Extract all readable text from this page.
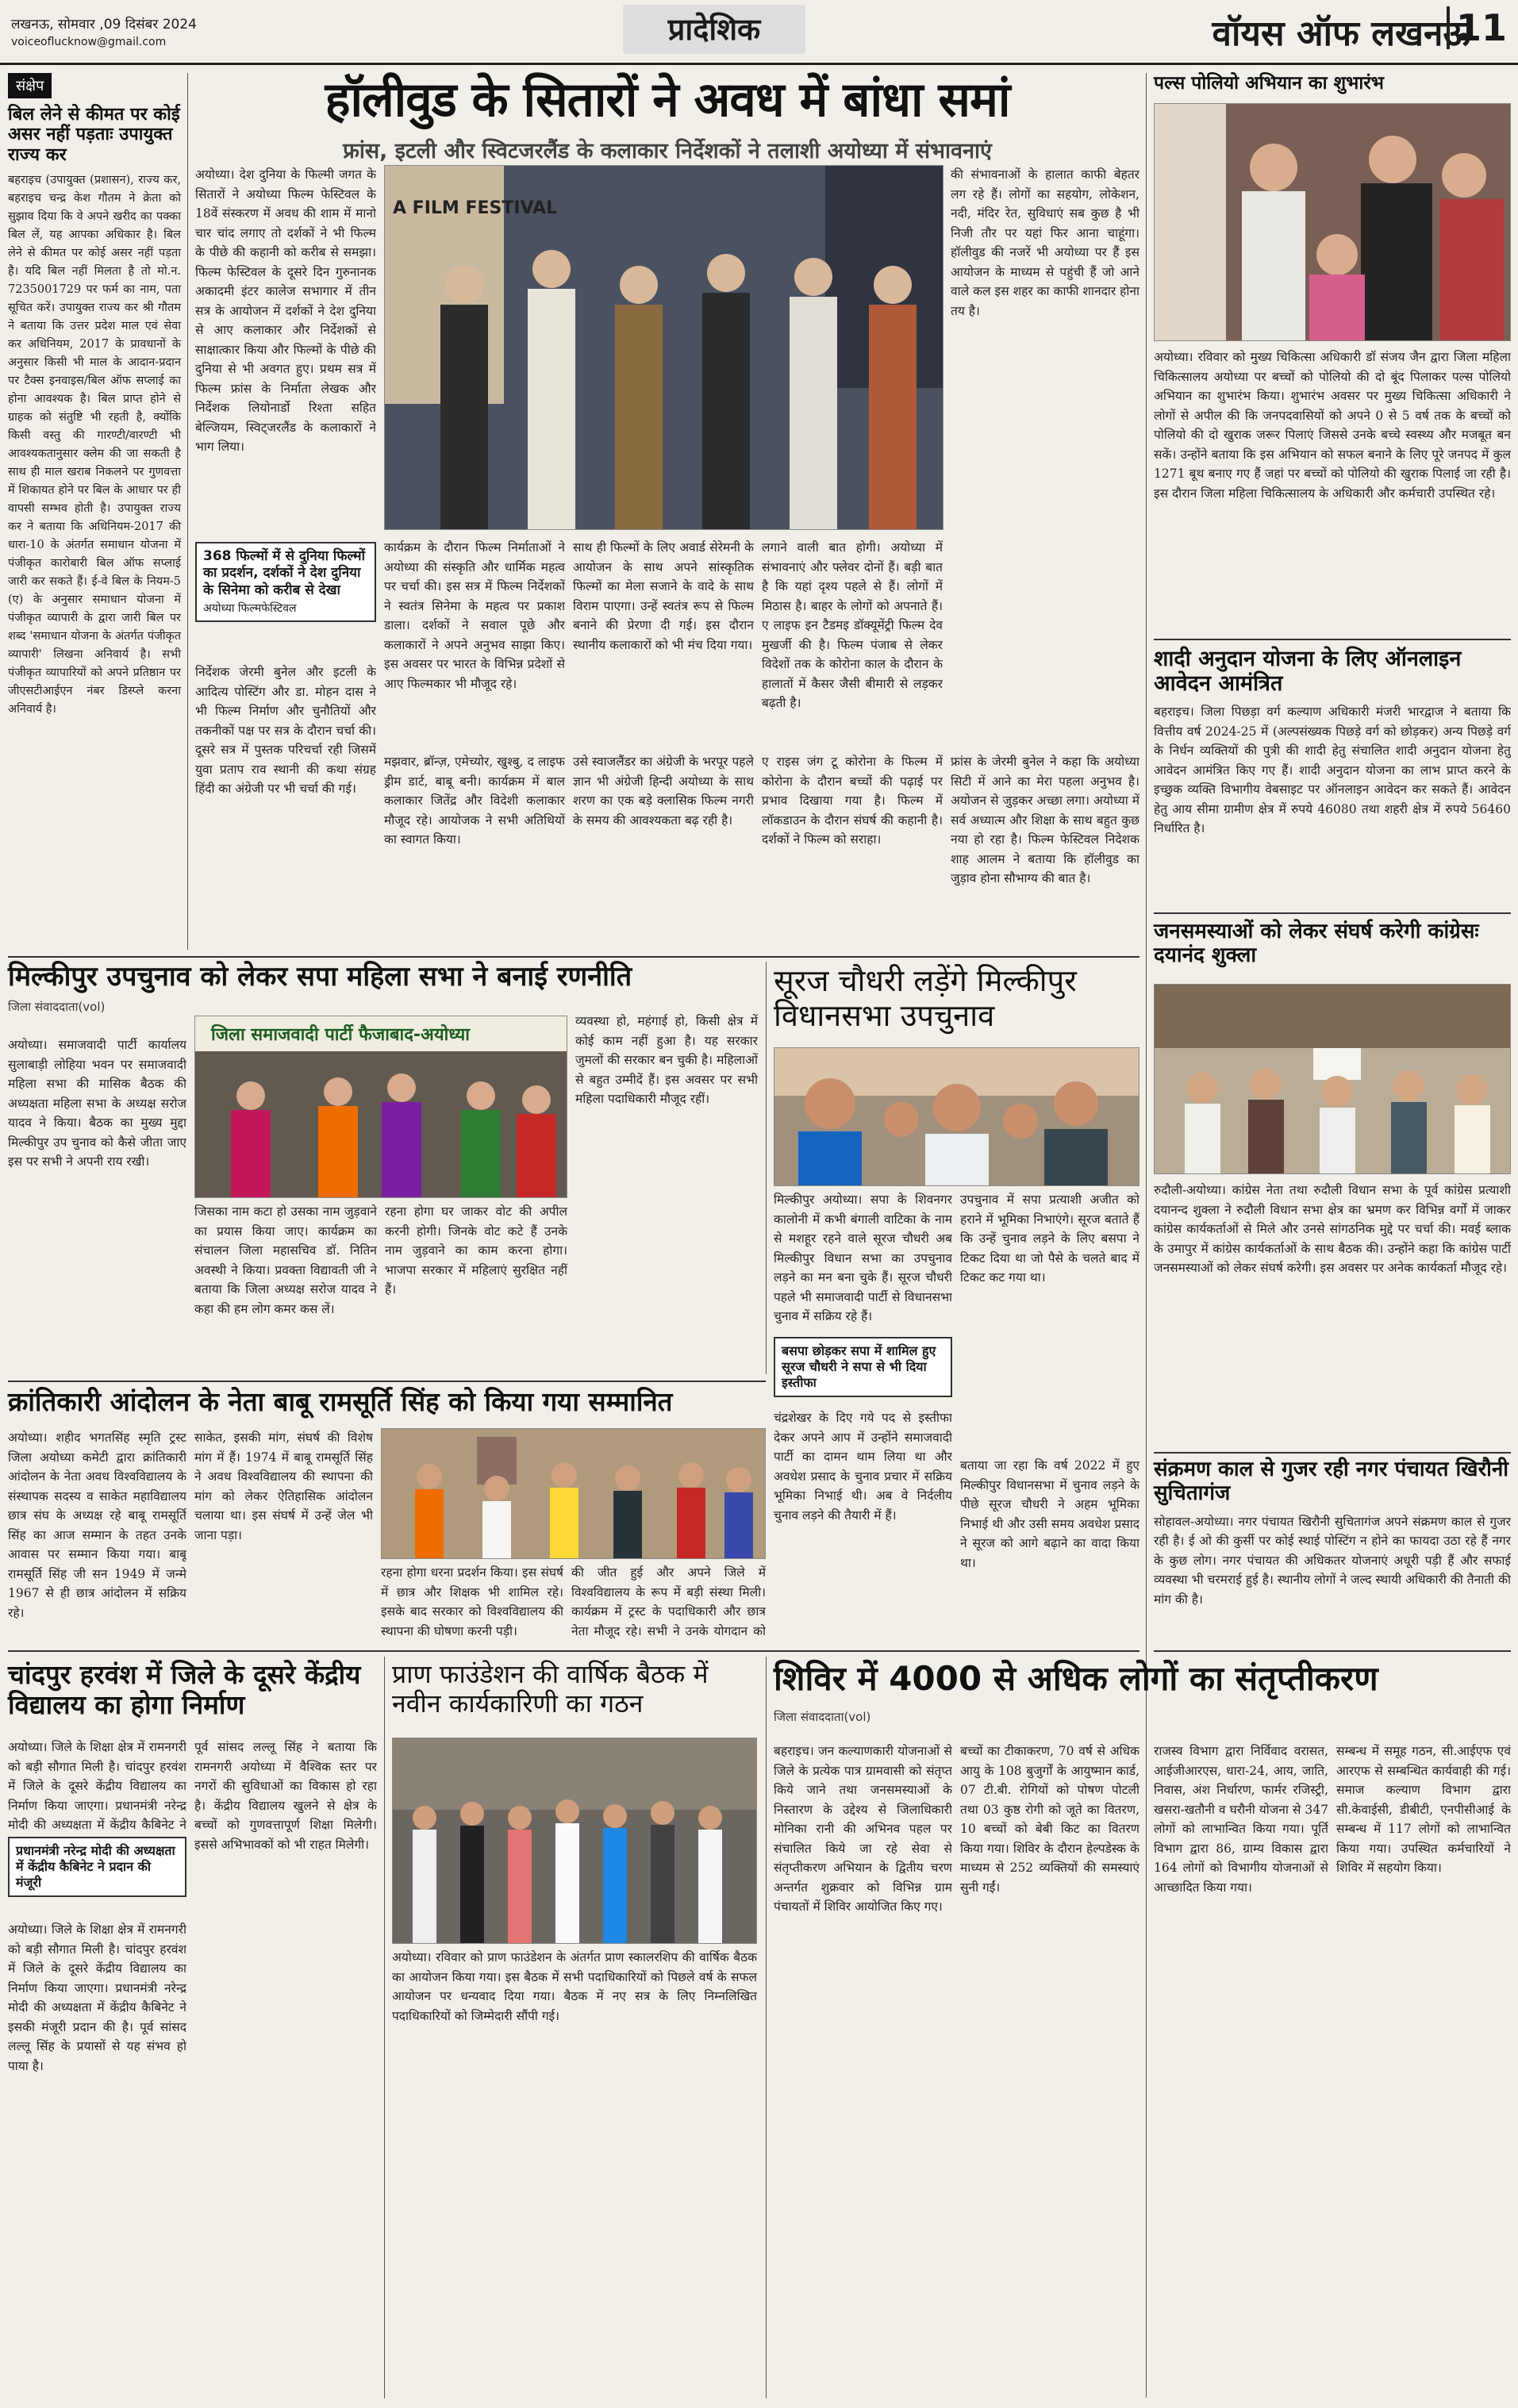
लखनऊ, सोमवार ,09 दिसंबर 2024
voiceoflucknow@gmail.com	प्रादेशिक	वॉयस ऑफ लखनऊ
11
संक्षेप
बिल लेने से कीमत पर कोई असर नहीं पड़ताः उपायुक्त राज्य कर
बहराइच (उपायुक्त (प्रशासन), राज्य कर, बहराइच चन्द्र केश गौतम ने क्रेता को सुझाव दिया कि वे अपने खरीद का पक्का बिल लें, यह आपका अधिकार है। बिल लेने से कीमत पर कोई असर नहीं पड़ता है। यदि बिल नहीं मिलता है तो मो.न. 7235001729 पर फर्म का नाम, पता सूचित करें। उपायुक्त राज्य कर श्री गौतम ने बताया कि उत्तर प्रदेश माल एवं सेवा कर अधिनियम, 2017 के प्रावधानों के अनुसार किसी भी माल के आदान-प्रदान पर टैक्स इनवाइस/बिल ऑफ सप्लाई का होना आवश्यक है। बिल प्राप्त होने से ग्राहक को संतुष्टि भी रहती है, क्योंकि किसी वस्तु की गारण्टी/वारण्टी भी आवश्यकतानुसार क्लेम की जा सकती है साथ ही माल खराब निकलने पर गुणवत्ता में शिकायत होने पर बिल के आधार पर ही वापसी सम्भव होती है। उपायुक्त राज्य कर ने बताया कि अधिनियम-2017 की धारा-10 के अंतर्गत समाधान योजना में पंजीकृत कारोबारी बिल ऑफ सप्लाई जारी कर सकते हैं। ई-वे बिल के नियम-5 (ए) के अनुसार समाधान योजना में पंजीकृत व्यापारी के द्वारा जारी बिल पर शब्द 'समाधान योजना के अंतर्गत पंजीकृत व्यापारी' लिखना अनिवार्य है। सभी पंजीकृत व्यापारियों को अपने प्रतिष्ठान पर जीएसटीआईएन नंबर डिस्प्ले करना अनिवार्य है।
हॉलीवुड के सितारों ने अवध में बांधा समां
फ्रांस, इटली और स्विटजरलैंड के कलाकार निर्देशकों ने तलाशी अयोध्या में संभावनाएं
अयोध्या। देश दुनिया के फिल्मी जगत के सितारों ने अयोध्या फिल्म फेस्टिवल के 18वें संस्करण में अवध की शाम में मानो चार चांद लगाए तो दर्शकों ने भी फिल्म के पीछे की कहानी को करीब से समझा। फिल्म फेस्टिवल के दूसरे दिन गुरुनानक अकादमी इंटर कालेज सभागार में तीन सत्र के आयोजन में दर्शकों ने देश दुनिया से आए कलाकार और निर्देशकों से साक्षात्कार किया और फिल्मों के पीछे की दुनिया से भी अवगत हुए। प्रथम सत्र में फिल्म फ्रांस के निर्माता लेखक और निर्देशक लियोनार्डो रिश्ता सहित बेल्जियम, स्विट्जरलैंड के कलाकारों ने भाग लिया।
A FILM FESTIVAL
कार्यक्रम के दौरान फिल्म निर्माताओं ने अयोध्या की संस्कृति और धार्मिक महत्व पर चर्चा की। इस सत्र में फिल्म निर्देशकों ने स्वतंत्र सिनेमा के महत्व पर प्रकाश डाला। दर्शकों ने सवाल पूछे और कलाकारों ने अपने अनुभव साझा किए। इस अवसर पर भारत के विभिन्न प्रदेशों से आए फिल्मकार भी मौजूद रहे।
साथ ही फिल्मों के लिए अवार्ड सेरेमनी के आयोजन के साथ अपने सांस्कृतिक फिल्मों का मेला सजाने के वादे के साथ विराम पाएगा। उन्हें स्वतंत्र रूप से फिल्म बनाने की प्रेरणा दी गई। इस दौरान स्थानीय कलाकारों को भी मंच दिया गया।
लगाने वाली बात होगी। अयोध्या में संभावनाएं और फ्लेवर दोनों हैं। बड़ी बात है कि यहां दृश्य पहले से हैं। लोगों में मिठास है। बाहर के लोगों को अपनाते हैं। ए लाइफ इन टैडमइ डॉक्यूमेंट्री फिल्म देव मुखर्जी की है। फिल्म पंजाब से लेकर विदेशों तक के कोरोना काल के दौरान के हालातों में कैसर जैसी बीमारी से लड़कर बढ़ती है।
की संभावनाओं के हालात काफी बेहतर लग रहे हैं। लोगों का सहयोग, लोकेशन, नदी, मंदिर रेत, सुविधाएं सब कुछ है भी निजी तौर पर यहां फिर आना चाहूंगा। हॉलीवुड की नजरें भी अयोध्या पर हैं इस आयोजन के माध्यम से पहुंची हैं जो आने वाले कल इस शहर का काफी शानदार होना तय है।
368 फिल्मों में से दुनिया फिल्मों का प्रदर्शन, दर्शकों ने देश दुनिया के सिनेमा को करीब से देखा
अयोध्या फिल्मफेस्टिवल
निर्देशक जेरमी बुनेल और इटली के आदित्य पोस्टिंग और डा. मोहन दास ने भी फिल्म निर्माण और चुनौतियों और तकनीकों पक्ष पर सत्र के दौरान चर्चा की। दूसरे सत्र में पुस्तक परिचर्चा रही जिसमें युवा प्रताप राव स्थानी की कथा संग्रह हिंदी का अंग्रेजी पर भी चर्चा की गई।
मझवार, ब्रॉन्ज़, एमेच्योर, खुश्बु, द लाइफ ड्रीम डार्ट, बाबू बनी। कार्यक्रम में बाल कलाकार जितेंद्र और विदेशी कलाकार मौजूद रहे। आयोजक ने सभी अतिथियों का स्वागत किया।
उसे स्वाजलैंडर का अंग्रेजी के भरपूर पहले ज्ञान भी अंग्रेजी हिन्दी अयोध्या के साथ शरण का एक बड़े क्लासिक फिल्म नगरी के समय की आवश्यकता बढ़ रही है।
ए राइस जंग टू कोरोना के फिल्म में कोरोना के दौरान बच्चों की पढ़ाई पर प्रभाव दिखाया गया है। फिल्म में लॉकडाउन के दौरान संघर्ष की कहानी है। दर्शकों ने फिल्म को सराहा।
फ्रांस के जेरमी बुनेल ने कहा कि अयोध्या सिटी में आने का मेरा पहला अनुभव है। अयोजन से जुड़कर अच्छा लगा। अयोध्या में सर्व अध्यात्म और शिक्षा के साथ बहुत कुछ नया हो रहा है। फिल्म फेस्टिवल निदेशक शाह आलम ने बताया कि हॉलीवुड का जुड़ाव होना सौभाग्य की बात है।
पल्स पोलियो अभियान का शुभारंभ
अयोध्या। रविवार को मुख्य चिकित्सा अधिकारी डॉ संजय जैन द्वारा जिला महिला चिकित्सालय अयोध्या पर बच्चों को पोलियो की दो बूंद पिलाकर पल्स पोलियो अभियान का शुभारंभ किया। शुभारंभ अवसर पर मुख्य चिकित्सा अधिकारी ने लोगों से अपील की कि जनपदवासियों को अपने 0 से 5 वर्ष तक के बच्चों को पोलियो की दो खुराक जरूर पिलाएं जिससे उनके बच्चे स्वस्थ्य और मजबूत बन सकें। उन्होंने बताया कि इस अभियान को सफल बनाने के लिए पूरे जनपद में कुल 1271 बूथ बनाए गए हैं जहां पर बच्चों को पोलियो की खुराक पिलाई जा रही है। इस दौरान जिला महिला चिकित्सालय के अधिकारी और कर्मचारी उपस्थित रहे।
शादी अनुदान योजना के लिए ऑनलाइन आवेदन आमंत्रित
बहराइच। जिला पिछड़ा वर्ग कल्याण अधिकारी मंजरी भारद्वाज ने बताया कि वित्तीय वर्ष 2024-25 में (अल्पसंख्यक पिछड़े वर्ग को छोड़कर) अन्य पिछड़े वर्ग के निर्धन व्यक्तियों की पुत्री की शादी हेतु संचालित शादी अनुदान योजना हेतु आवेदन आमंत्रित किए गए हैं। शादी अनुदान योजना का लाभ प्राप्त करने के इच्छुक व्यक्ति विभागीय वेबसाइट पर ऑनलाइन आवेदन कर सकते हैं। आवेदन हेतु आय सीमा ग्रामीण क्षेत्र में रुपये 46080 तथा शहरी क्षेत्र में रुपये 56460 निर्धारित है।
मिल्कीपुर उपचुनाव को लेकर सपा महिला सभा ने बनाई रणनीति
जिला संवाददाता(vol)
अयोध्या। समाजवादी पार्टी कार्यालय सुलाबाड़ी लोहिया भवन पर समाजवादी महिला सभा की मासिक बैठक की अध्यक्षता महिला सभा के अध्यक्ष सरोज यादव ने किया। बैठक का मुख्य मुद्दा मिल्कीपुर उप चुनाव को कैसे जीता जाए इस पर सभी ने अपनी राय रखी।
जिला समाजवादी पार्टी फैजाबाद-अयोध्या
जिसका नाम कटा हो उसका नाम जुड़वाने का प्रयास किया जाए। कार्यक्रम का संचालन जिला महासचिव डॉ. नितिन अवस्थी ने किया। प्रवक्ता विद्यावती जी ने बताया कि जिला अध्यक्ष सरोज यादव ने कहा की हम लोग कमर कस लें।
रहना होगा घर जाकर वोट की अपील करनी होगी। जिनके वोट कटे हैं उनके नाम जुड़वाने का काम करना होगा। भाजपा सरकार में महिलाएं सुरक्षित नहीं हैं।
व्यवस्था हो, महंगाई हो, किसी क्षेत्र में कोई काम नहीं हुआ है। यह सरकार जुमलों की सरकार बन चुकी है। महिलाओं से बहुत उम्मीदें हैं। इस अवसर पर सभी महिला पदाधिकारी मौजूद रहीं।
सूरज चौधरी लड़ेंगे मिल्कीपुर विधानसभा उपचुनाव
मिल्कीपुर अयोध्या। सपा के शिवनगर कालोनी में कभी बंगाली वाटिका के नाम से मशहूर रहने वाले सूरज चौधरी अब मिल्कीपुर विधान सभा का उपचुनाव लड़ने का मन बना चुके हैं। सूरज चौधरी पहले भी समाजवादी पार्टी से विधानसभा चुनाव में सक्रिय रहे हैं।
बसपा छोड़कर सपा में शामिल हुए सूरज चौधरी ने सपा से भी दिया इस्तीफा
चंद्रशेखर के दिए गये पद से इस्तीफा देकर अपने आप में उन्होंने समाजवादी पार्टी का दामन थाम लिया था और अवधेश प्रसाद के चुनाव प्रचार में सक्रिय भूमिका निभाई थी। अब वे निर्दलीय चुनाव लड़ने की तैयारी में हैं।
उपचुनाव में सपा प्रत्याशी अजीत को हराने में भूमिका निभाएंगे। सूरज बताते हैं कि उन्हें चुनाव लड़ने के लिए बसपा ने टिकट दिया था जो पैसे के चलते बाद में टिकट कट गया था।
बताया जा रहा कि वर्ष 2022 में हुए मिल्कीपुर विधानसभा में चुनाव लड़ने के पीछे सूरज चौधरी ने अहम भूमिका निभाई थी और उसी समय अवधेश प्रसाद ने सूरज को आगे बढ़ाने का वादा किया था।
जनसमस्याओं को लेकर संघर्ष करेगी कांग्रेसः दयानंद शुक्ला
रुदौली-अयोध्या। कांग्रेस नेता तथा रुदौली विधान सभा के पूर्व कांग्रेस प्रत्याशी दयानन्द शुक्ला ने रुदौली विधान सभा क्षेत्र का भ्रमण कर विभिन्न वर्गों में जाकर कांग्रेस कार्यकर्ताओं से मिले और उनसे सांगठनिक मुद्दे पर चर्चा की। मवई ब्लाक के उमापुर में कांग्रेस कार्यकर्ताओं के साथ बैठक की। उन्होंने कहा कि कांग्रेस पार्टी जनसमस्याओं को लेकर संघर्ष करेगी। इस अवसर पर अनेक कार्यकर्ता मौजूद रहे।
संक्रमण काल से गुजर रही नगर पंचायत खिरौनी सुचितागंज
सोहावल-अयोध्या। नगर पंचायत खिरौनी सुचितागंज अपने संक्रमण काल से गुजर रही है। ई ओ की कुर्सी पर कोई स्थाई पोस्टिंग न होने का फायदा उठा रहे हैं नगर के कुछ लोग। नगर पंचायत की अधिकतर योजनाएं अधूरी पड़ी हैं और सफाई व्यवस्था भी चरमराई हुई है। स्थानीय लोगों ने जल्द स्थायी अधिकारी की तैनाती की मांग की है।
क्रांतिकारी आंदोलन के नेता बाबू रामसूर्ति सिंह को किया गया सम्मानित
अयोध्या। शहीद भगतसिंह स्मृति ट्रस्ट जिला अयोध्या कमेटी द्वारा क्रांतिकारी आंदोलन के नेता अवध विश्वविद्यालय के संस्थापक सदस्य व साकेत महाविद्यालय छात्र संघ के अध्यक्ष रहे बाबू रामसूर्ति सिंह का आज सम्मान के तहत उनके आवास पर सम्मान किया गया। बाबू रामसूर्ति सिंह जी सन 1949 में जन्मे 1967 से ही छात्र आंदोलन में सक्रिय रहे।
साकेत, इसकी मांग, संघर्ष की विशेष मांग में हैं। 1974 में बाबू रामसूर्ति सिंह ने अवध विश्वविद्यालय की स्थापना की मांग को लेकर ऐतिहासिक आंदोलन चलाया था। इस संघर्ष में उन्हें जेल भी जाना पड़ा।
रहना होगा धरना प्रदर्शन किया। इस संघर्ष में छात्र और शिक्षक भी शामिल रहे। इसके बाद सरकार को विश्वविद्यालय की स्थापना की घोषणा करनी पड़ी।
की जीत हुई और अपने जिले में विश्वविद्यालय के रूप में बड़ी संस्था मिली। कार्यक्रम में ट्रस्ट के पदाधिकारी और छात्र नेता मौजूद रहे। सभी ने उनके योगदान को
चांदपुर हरवंश में जिले के दूसरे केंद्रीय विद्यालय का होगा निर्माण
अयोध्या। जिले के शिक्षा क्षेत्र में रामनगरी को बड़ी सौगात मिली है। चांदपुर हरवंश में जिले के दूसरे केंद्रीय विद्यालय का निर्माण किया जाएगा। प्रधानमंत्री नरेन्द्र मोदी की अध्यक्षता में केंद्रीय कैबिनेट ने
प्रधानमंत्री नरेन्द्र मोदी की अध्यक्षता में केंद्रीय कैबिनेट ने प्रदान की मंजूरी
अयोध्या। जिले के शिक्षा क्षेत्र में रामनगरी को बड़ी सौगात मिली है। चांदपुर हरवंश में जिले के दूसरे केंद्रीय विद्यालय का निर्माण किया जाएगा। प्रधानमंत्री नरेन्द्र मोदी की अध्यक्षता में केंद्रीय कैबिनेट ने इसकी मंजूरी प्रदान की है। पूर्व सांसद लल्लू सिंह के प्रयासों से यह संभव हो पाया है।
पूर्व सांसद लल्लू सिंह ने बताया कि रामनगरी अयोध्या में वैश्विक स्तर पर नगरों की सुविधाओं का विकास हो रहा है। केंद्रीय विद्यालय खुलने से क्षेत्र के बच्चों को गुणवत्तापूर्ण शिक्षा मिलेगी। इससे अभिभावकों को भी राहत मिलेगी।
प्राण फाउंडेशन की वार्षिक बैठक में नवीन कार्यकारिणी का गठन
अयोध्या। रविवार को प्राण फाउंडेशन के अंतर्गत प्राण स्कालरशिप की वार्षिक बैठक का आयोजन किया गया। इस बैठक में सभी पदाधिकारियों को पिछले वर्ष के सफल आयोजन पर धन्यवाद दिया गया। बैठक में नए सत्र के लिए निम्नलिखित पदाधिकारियों को जिम्मेदारी सौंपी गई।
शिविर में 4000 से अधिक लोगों का संतृप्तीकरण
जिला संवाददाता(vol)
बहराइच। जन कल्याणकारी योजनाओं से जिले के प्रत्येक पात्र ग्रामवासी को संतृप्त किये जाने तथा जनसमस्याओं के निस्तारण के उद्देश्य से जिलाधिकारी मोनिका रानी की अभिनव पहल पर संचालित किये जा रहे सेवा से संतृप्तीकरण अभियान के द्वितीय चरण अन्तर्गत शुक्रवार को विभिन्न ग्राम पंचायतों में शिविर आयोजित किए गए।
बच्चों का टीकाकरण, 70 वर्ष से अधिक आयु के 108 बुजुर्गों के आयुष्मान कार्ड, 07 टी.बी. रोगियों को पोषण पोटली तथा 03 कुष्ठ रोगी को जूते का वितरण, 10 बच्चों को बेबी किट का वितरण किया गया। शिविर के दौरान हेल्पडेस्क के माध्यम से 252 व्यक्तियों की समस्याएं सुनी गईं।
राजस्व विभाग द्वारा निर्विवाद वरासत, आईजीआरएस, धारा-24, आय, जाति, निवास, अंश निर्धारण, फार्मर रजिस्ट्री, खसरा-खतौनी व घरौनी योजना से 347 लोगों को लाभान्वित किया गया। पूर्ति विभाग द्वारा 86, ग्राम्य विकास द्वारा 164 लोगों को विभागीय योजनाओं से आच्छादित किया गया।
सम्बन्ध में समूह गठन, सी.आईएफ एवं आरएफ से सम्बन्धित कार्यवाही की गई। समाज कल्याण विभाग द्वारा सी.केवाईसी, डीबीटी, एनपीसीआई के सम्बन्ध में 117 लोगों को लाभान्वित किया गया। उपस्थित कर्मचारियों ने शिविर में सहयोग किया।
